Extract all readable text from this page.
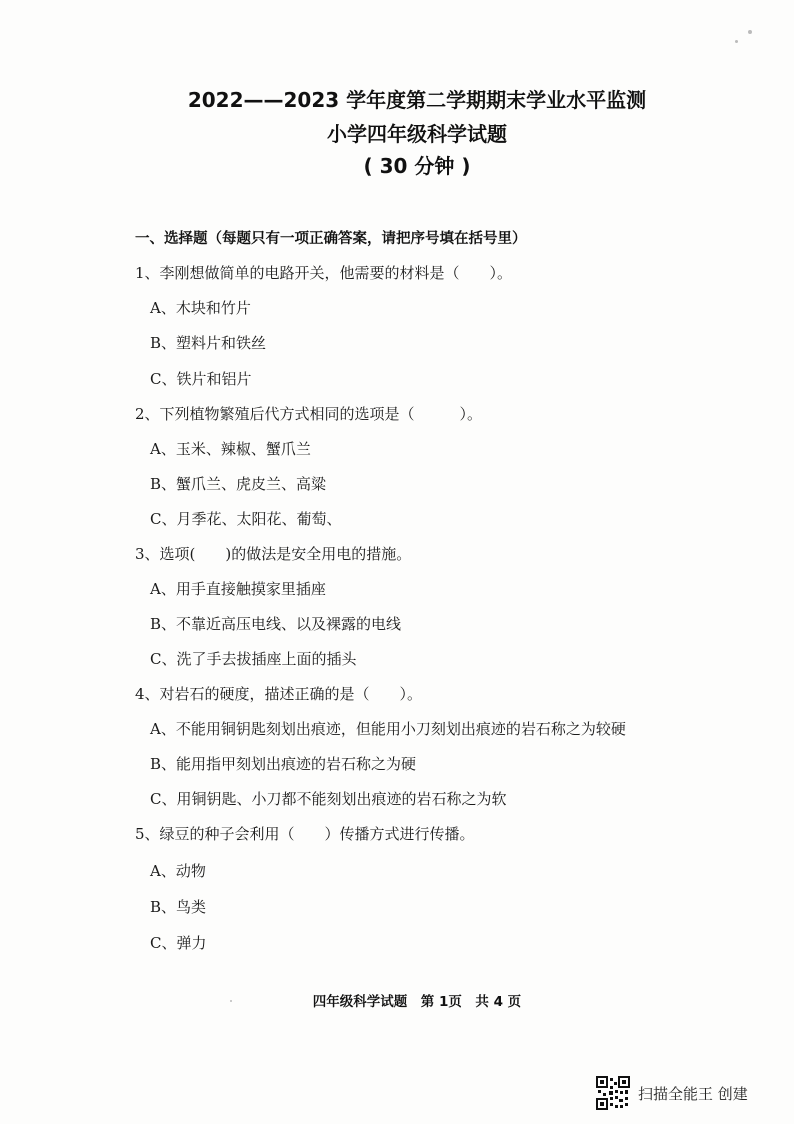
2022——2023 学年度第二学期期末学业水平监测
小学四年级科学试题
( 30 分钟 )
一、选择题（每题只有一项正确答案，请把序号填在括号里）
1、李刚想做简单的电路开关，他需要的材料是（　　）。
A、木块和竹片
B、塑料片和铁丝
C、铁片和铝片
2、下列植物繁殖后代方式相同的选项是（　　　）。
A、玉米、辣椒、蟹爪兰
B、蟹爪兰、虎皮兰、高粱
C、月季花、太阳花、葡萄、
3、选项(　　)的做法是安全用电的措施。
A、用手直接触摸家里插座
B、不靠近高压电线、以及裸露的电线
C、洗了手去拔插座上面的插头
4、对岩石的硬度，描述正确的是（　　）。
A、不能用铜钥匙刻划出痕迹，但能用小刀刻划出痕迹的岩石称之为较硬
B、能用指甲刻划出痕迹的岩石称之为硬
C、用铜钥匙、小刀都不能刻划出痕迹的岩石称之为软
5、绿豆的种子会利用（　　）传播方式进行传播。
A、动物
B、鸟类
C、弹力
四年级科学试题　第 1页　共 4 页
扫描全能王 创建
